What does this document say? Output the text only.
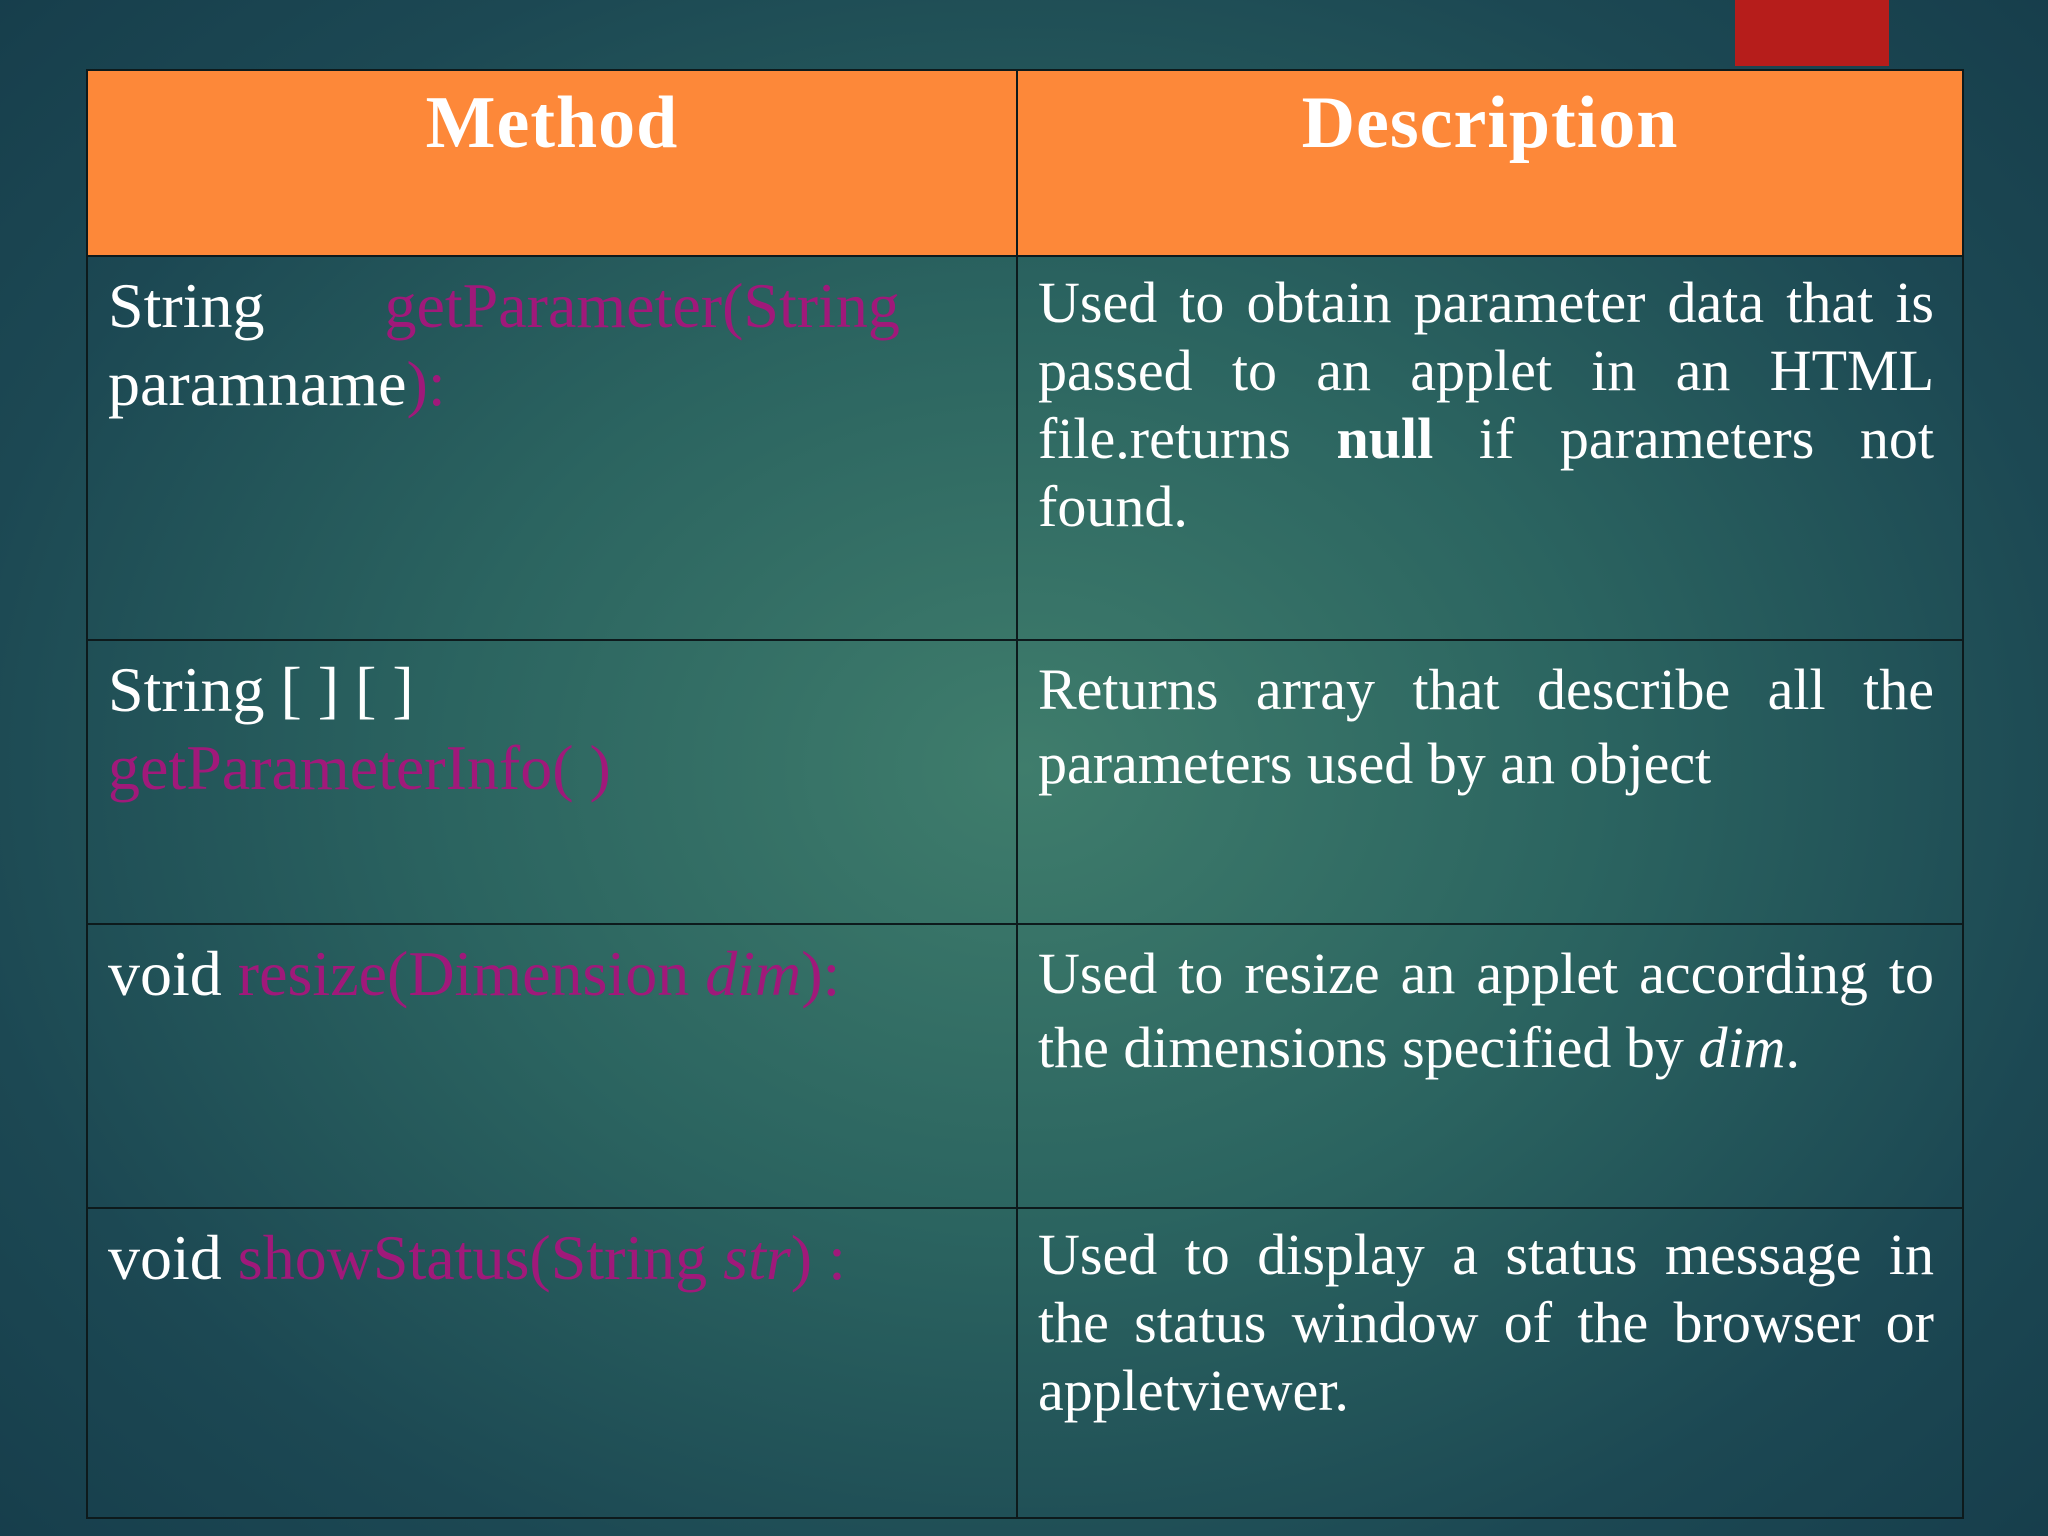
Method	Description
String getParameter(String
paramname):	Used to obtain parameter data that is passed to an applet in an HTML file.returns null if parameters not found.
String [ ] [ ]
getParameterInfo( )	Returns array that describe all the parameters used by an object
void resize(Dimension dim):	Used to resize an applet according to the dimensions specified by dim.
void showStatus(String str) :	Used to display a status message in the status window of the browser or appletviewer.
